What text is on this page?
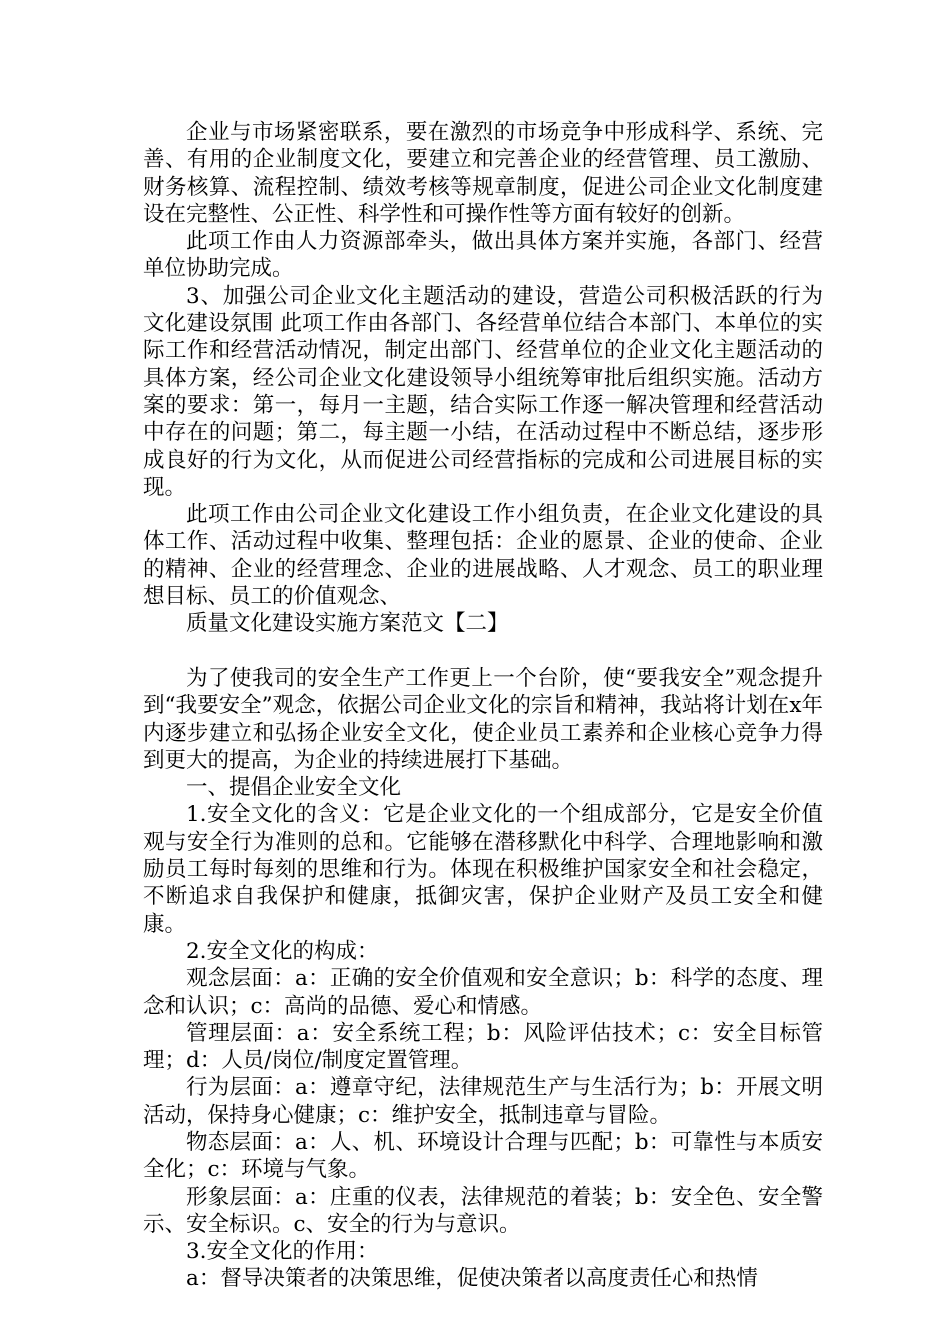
企业与市场紧密联系，要在激烈的市场竞争中形成科学、系统、完善、有用的企业制度文化，要建立和完善企业的经营管理、员工激励、财务核算、流程控制、绩效考核等规章制度，促进公司企业文化制度建设在完整性、公正性、科学性和可操作性等方面有较好的创新。

此项工作由人力资源部牵头，做出具体方案并实施，各部门、经营单位协助完成。

3、加强公司企业文化主题活动的建设，营造公司积极活跃的行为文化建设氛围 此项工作由各部门、各经营单位结合本部门、本单位的实际工作和经营活动情况，制定出部门、经营单位的企业文化主题活动的具体方案，经公司企业文化建设领导小组统筹审批后组织实施。活动方案的要求：第一，每月一主题，结合实际工作逐一解决管理和经营活动中存在的问题；第二，每主题一小结，在活动过程中不断总结，逐步形成良好的行为文化，从而促进公司经营指标的完成和公司进展目标的实现。

此项工作由公司企业文化建设工作小组负责，在企业文化建设的具体工作、活动过程中收集、整理包括：企业的愿景、企业的使命、企业的精神、企业的经营理念、企业的进展战略、人才观念、员工的职业理想目标、员工的价值观念、

质量文化建设实施方案范文【二】

为了使我司的安全生产工作更上一个台阶，使“要我安全”观念提升到“我要安全”观念，依据公司企业文化的宗旨和精神，我站将计划在x年内逐步建立和弘扬企业安全文化，使企业员工素养和企业核心竞争力得到更大的提高，为企业的持续进展打下基础。

一、提倡企业安全文化

1.安全文化的含义：它是企业文化的一个组成部分，它是安全价值观与安全行为准则的总和。它能够在潜移默化中科学、合理地影响和激励员工每时每刻的思维和行为。体现在积极维护国家安全和社会稳定，不断追求自我保护和健康，抵御灾害，保护企业财产及员工安全和健康。

2.安全文化的构成：

观念层面：a：正确的安全价值观和安全意识；b：科学的态度、理念和认识；c：高尚的品德、爱心和情感。

管理层面：a：安全系统工程；b：风险评估技术；c：安全目标管理；d：人员/岗位/制度定置管理。

行为层面：a：遵章守纪，法律规范生产与生活行为；b：开展文明活动，保持身心健康；c：维护安全，抵制违章与冒险。

物态层面：a：人、机、环境设计合理与匹配；b：可靠性与本质安全化；c：环境与气象。

形象层面：a：庄重的仪表，法律规范的着装；b：安全色、安全警示、安全标识。c、安全的行为与意识。

3.安全文化的作用：

a：督导决策者的决策思维，促使决策者以高度责任心和热情
